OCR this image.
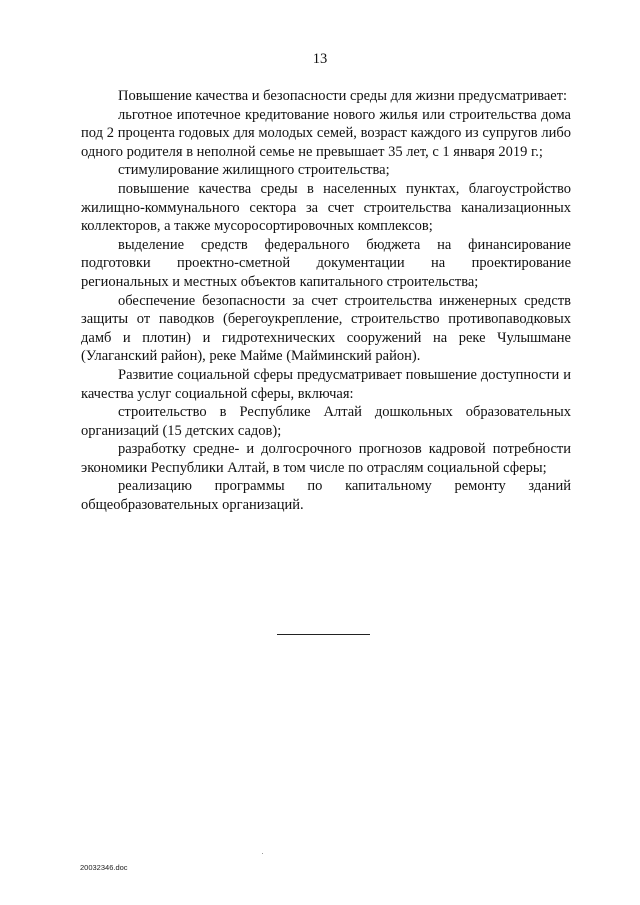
13

Повышение качества и безопасности среды для жизни предусматривает:

льготное ипотечное кредитование нового жилья или строительства дома под 2 процента годовых для молодых семей, возраст каждого из супругов либо одного родителя в неполной семье не превышает 35 лет, с 1 января 2019 г.;

стимулирование жилищного строительства;

повышение качества среды в населенных пунктах, благоустройство жилищно-коммунального сектора за счет строительства канализационных коллекторов, а также мусоросортировочных комплексов;

выделение средств федерального бюджета на финансирование подготовки проектно-сметной документации на проектирование региональных и местных объектов капитального строительства;

обеспечение безопасности за счет строительства инженерных средств защиты от паводков (берегоукрепление, строительство противопаводковых дамб и плотин) и гидротехнических сооружений на реке Чулышмане (Улаганский район), реке Майме (Майминский район).

Развитие социальной сферы предусматривает повышение доступности и качества услуг социальной сферы, включая:

строительство в Республике Алтай дошкольных образовательных организаций (15 детских садов);

разработку средне- и долгосрочного прогнозов кадровой потребности экономики Республики Алтай, в том числе по отраслям социальной сферы;

реализацию программы по капитальному ремонту зданий общеобразовательных организаций.

20032346.doc
